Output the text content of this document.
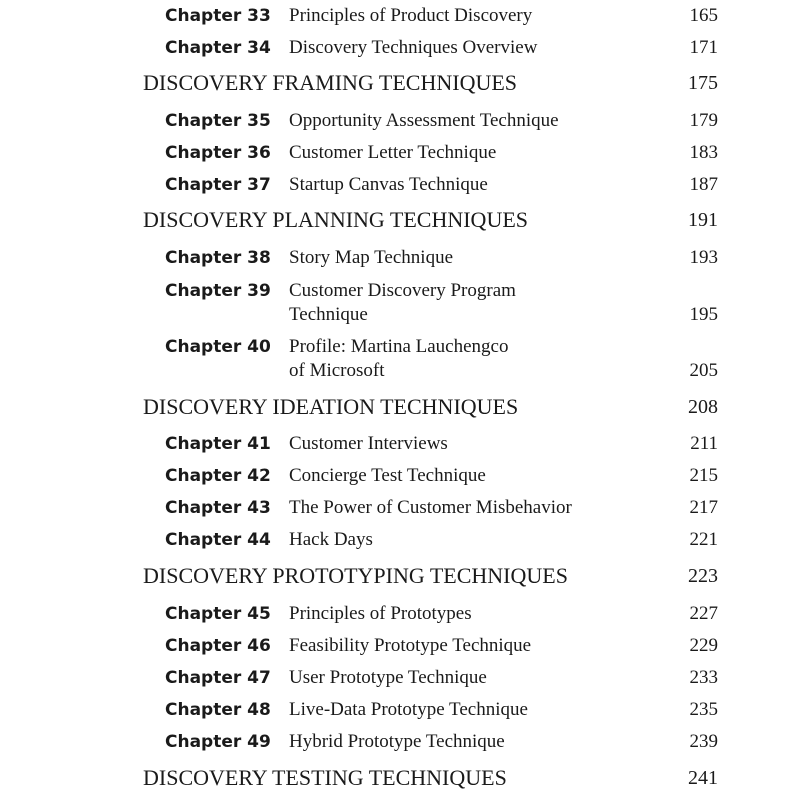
Chapter 33 Principles of Product Discovery	165
Chapter 34 Discovery Techniques Overview	171
DISCOVERY FRAMING TECHNIQUES	175
Chapter 35 Opportunity Assessment Technique	179
Chapter 36 Customer Letter Technique	183
Chapter 37 Startup Canvas Technique	187
DISCOVERY PLANNING TECHNIQUES	191
Chapter 38 Story Map Technique	193
Chapter 39 Customer Discovery Program
Technique	195
Chapter 40 Profile: Martina Lauchengco
of Microsoft	205
DISCOVERY IDEATION TECHNIQUES	208
Chapter 41 Customer Interviews	211
Chapter 42 Concierge Test Technique	215
Chapter 43 The Power of Customer Misbehavior	217
Chapter 44 Hack Days	221
DISCOVERY PROTOTYPING TECHNIQUES	223
Chapter 45 Principles of Prototypes	227
Chapter 46 Feasibility Prototype Technique	229
Chapter 47 User Prototype Technique	233
Chapter 48 Live-Data Prototype Technique	235
Chapter 49 Hybrid Prototype Technique	239
DISCOVERY TESTING TECHNIQUES	241
